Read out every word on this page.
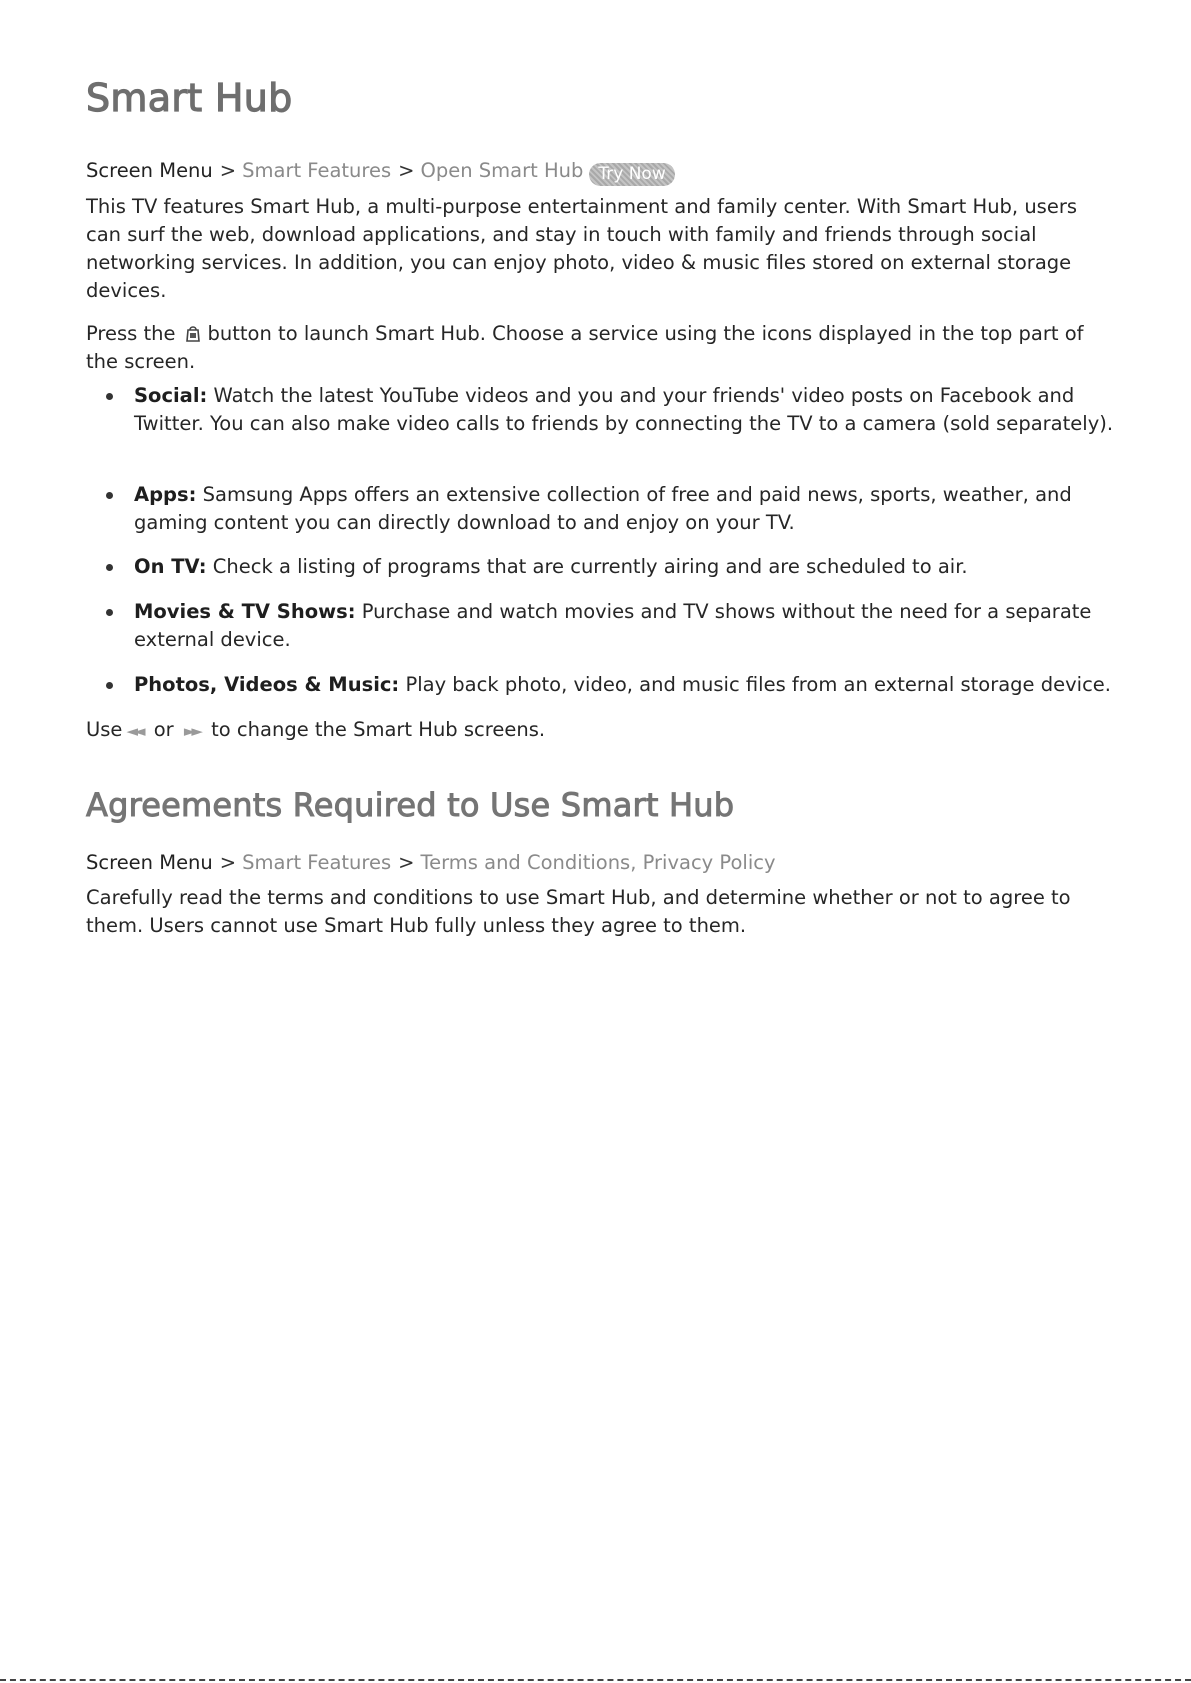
Smart Hub
Screen Menu > Smart Features > Open Smart Hub Try Now

This TV features Smart Hub, a multi-purpose entertainment and family center. With Smart Hub, users can surf the web, download applications, and stay in touch with family and friends through social networking services. In addition, you can enjoy photo, video & music files stored on external storage devices.

Press the button to launch Smart Hub. Choose a service using the icons displayed in the top part of the screen.

Social: Watch the latest YouTube videos and you and your friends' video posts on Facebook and Twitter. You can also make video calls to friends by connecting the TV to a camera (sold separately).
Apps: Samsung Apps offers an extensive collection of free and paid news, sports, weather, and gaming content you can directly download to and enjoy on your TV.
On TV: Check a listing of programs that are currently airing and are scheduled to air.
Movies & TV Shows: Purchase and watch movies and TV shows without the need for a separate external device.
Photos, Videos & Music: Play back photo, video, and music files from an external storage device.

Use ◄◄ or ►► to change the Smart Hub screens.

Agreements Required to Use Smart Hub
Screen Menu > Smart Features > Terms and Conditions, Privacy Policy

Carefully read the terms and conditions to use Smart Hub, and determine whether or not to agree to them. Users cannot use Smart Hub fully unless they agree to them.
